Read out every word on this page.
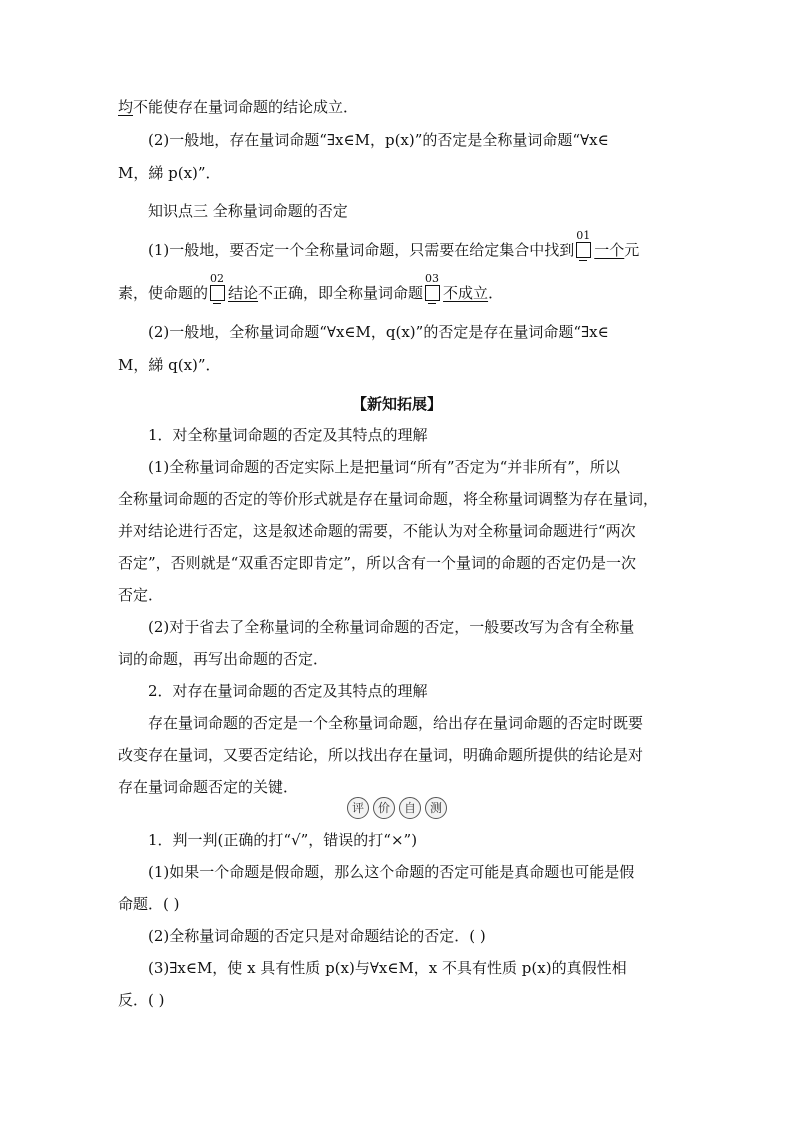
均不能使存在量词命题的结论成立．
(2)一般地，存在量词命题“∃x∈M，p(x)”的否定是全称量词命题“∀x∈
M，綈 p(x)”．
知识点三 全称量词命题的否定
(1)一般地，要否定一个全称量词命题，只需要在给定集合中找到
01
一个元
素，使命题的
02
结论不正确，即全称量词命题
03
不成立．
(2)一般地，全称量词命题“∀x∈M，q(x)”的否定是存在量词命题“∃x∈
M，綈 q(x)”．
【新知拓展】
1．对全称量词命题的否定及其特点的理解
(1)全称量词命题的否定实际上是把量词“所有”否定为“并非所有”，所以
全称量词命题的否定的等价形式就是存在量词命题，将全称量词调整为存在量词，
并对结论进行否定，这是叙述命题的需要，不能认为对全称量词命题进行“两次
否定”，否则就是“双重否定即肯定”，所以含有一个量词的命题的否定仍是一次
否定．
(2)对于省去了全称量词的全称量词命题的否定，一般要改写为含有全称量
词的命题，再写出命题的否定．
2．对存在量词命题的否定及其特点的理解
存在量词命题的否定是一个全称量词命题，给出存在量词命题的否定时既要
改变存在量词，又要否定结论，所以找出存在量词，明确命题所提供的结论是对
存在量词命题否定的关键．
评	价	自	测
1．判一判(正确的打“√”，错误的打“×”)
(1)如果一个命题是假命题，那么这个命题的否定可能是真命题也可能是假
命题．( )
(2)全称量词命题的否定只是对命题结论的否定．( )
(3)∃x∈M，使 x 具有性质 p(x)与∀x∈M，x 不具有性质 p(x)的真假性相
反．( )
